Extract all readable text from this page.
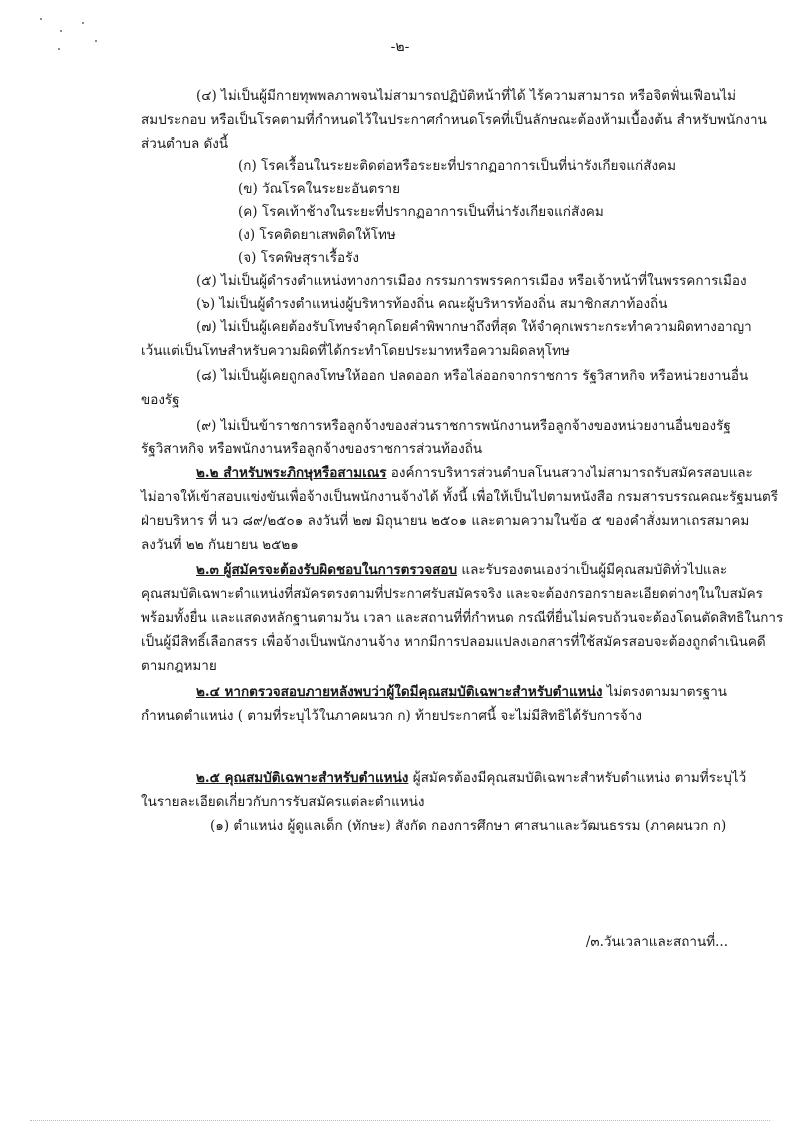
-๒-
(๔) ไม่เป็นผู้มีกายทุพพลภาพจนไม่สามารถปฏิบัติหน้าที่ได้ ไร้ความสามารถ หรือจิตฟั่นเฟือนไม่
สมประกอบ หรือเป็นโรคตามที่กำหนดไว้ในประกาศกำหนดโรคที่เป็นลักษณะต้องห้ามเบื้องต้น สำหรับพนักงาน
ส่วนตำบล ดังนี้
(ก) โรคเรื้อนในระยะติดต่อหรือระยะที่ปรากฏอาการเป็นที่น่ารังเกียจแก่สังคม
(ข) วัณโรคในระยะอันตราย
(ค) โรคเท้าช้างในระยะที่ปรากฏอาการเป็นที่น่ารังเกียจแก่สังคม
(ง) โรคติดยาเสพติดให้โทษ
(จ) โรคพิษสุราเรื้อรัง
(๕) ไม่เป็นผู้ดำรงตำแหน่งทางการเมือง กรรมการพรรคการเมือง หรือเจ้าหน้าที่ในพรรคการเมือง
(๖) ไม่เป็นผู้ดำรงตำแหน่งผู้บริหารท้องถิ่น คณะผู้บริหารท้องถิ่น สมาชิกสภาท้องถิ่น
(๗) ไม่เป็นผู้เคยต้องรับโทษจำคุกโดยคำพิพากษาถึงที่สุด ให้จำคุกเพราะกระทำความผิดทางอาญา
เว้นแต่เป็นโทษสำหรับความผิดที่ได้กระทำโดยประมาทหรือความผิดลหุโทษ
(๘) ไม่เป็นผู้เคยถูกลงโทษให้ออก ปลดออก หรือไล่ออกจากราชการ รัฐวิสาหกิจ หรือหน่วยงานอื่น
ของรัฐ
(๙) ไม่เป็นข้าราชการหรือลูกจ้างของส่วนราชการพนักงานหรือลูกจ้างของหน่วยงานอื่นของรัฐ
รัฐวิสาหกิจ หรือพนักงานหรือลูกจ้างของราชการส่วนท้องถิ่น
๒.๒ สำหรับพระภิกษุหรือสามเณร องค์การบริหารส่วนตำบลโนนสวางไม่สามารถรับสมัครสอบและ
ไม่อาจให้เข้าสอบแข่งขันเพื่อจ้างเป็นพนักงานจ้างได้ ทั้งนี้ เพื่อให้เป็นไปตามหนังสือ กรมสารบรรณคณะรัฐมนตรี
ฝ่ายบริหาร ที่ นว ๘๙/๒๕๐๑ ลงวันที่ ๒๗ มิถุนายน ๒๕๐๑ และตามความในข้อ ๕ ของคำสั่งมหาเถรสมาคม
ลงวันที่ ๒๒ กันยายน ๒๕๒๑
๒.๓ ผู้สมัครจะต้องรับผิดชอบในการตรวจสอบ และรับรองตนเองว่าเป็นผู้มีคุณสมบัติทั่วไปและ
คุณสมบัติเฉพาะตำแหน่งที่สมัครตรงตามที่ประกาศรับสมัครจริง และจะต้องกรอกรายละเอียดต่างๆในใบสมัคร
พร้อมทั้งยื่น และแสดงหลักฐานตามวัน เวลา และสถานที่ที่กำหนด กรณีที่ยื่นไม่ครบถ้วนจะต้องโดนตัดสิทธิในการ
เป็นผู้มีสิทธิ์เลือกสรร เพื่อจ้างเป็นพนักงานจ้าง หากมีการปลอมแปลงเอกสารที่ใช้สมัครสอบจะต้องถูกดำเนินคดี
ตามกฎหมาย
๒.๔ หากตรวจสอบภายหลังพบว่าผู้ใดมีคุณสมบัติเฉพาะสำหรับตำแหน่ง ไม่ตรงตามมาตรฐาน
กำหนดตำแหน่ง ( ตามที่ระบุไว้ในภาคผนวก ก) ท้ายประกาศนี้ จะไม่มีสิทธิได้รับการจ้าง
๒.๕ คุณสมบัติเฉพาะสำหรับตำแหน่ง ผู้สมัครต้องมีคุณสมบัติเฉพาะสำหรับตำแหน่ง ตามที่ระบุไว้
ในรายละเอียดเกี่ยวกับการรับสมัครแต่ละตำแหน่ง
(๑) ตำแหน่ง ผู้ดูแลเด็ก (ทักษะ) สังกัด กองการศึกษา ศาสนาและวัฒนธรรม (ภาคผนวก ก)
/๓.วันเวลาและสถานที่...
